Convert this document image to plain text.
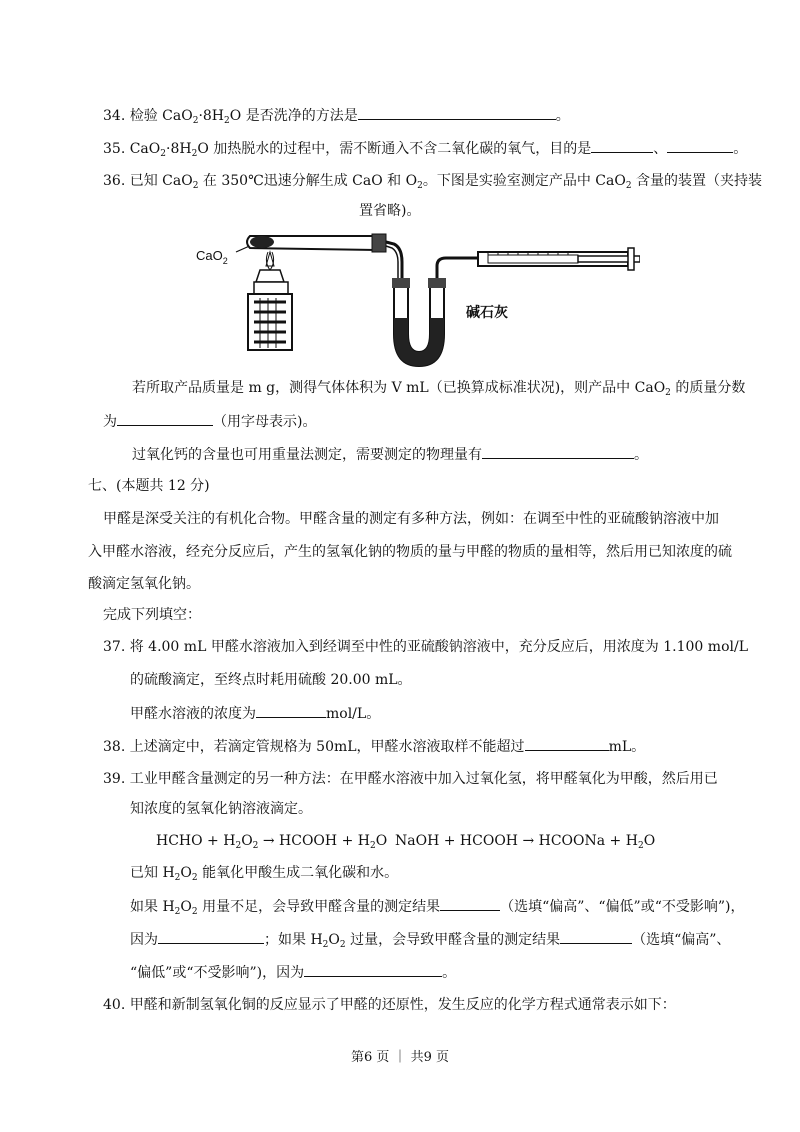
34. 检验 $CaO_2\cdot 8H_2O$ 是否洗净的方法是	。
35. $CaO_2\cdot 8H_2O$ 加热脱水的过程中，需不断通入不含二氧化碳的氧气，目的是	、	。
36. 已知 CaO$_2$ 在 350℃迅速分解生成 CaO 和 $O_2$。下图是实验室测定产品中 CaO$_2$ 含量的装置（夹持装
置省略)。
CaO$_2$
碱石灰
若所取产品质量是 m g，测得气体体积为 V mL（已换算成标准状况)，则产品中 CaO$_2$ 的质量分数
为	（用字母表示)。
过氧化钙的含量也可用重量法测定，需要测定的物理量有	。
七、(本题共 12 分)
甲醛是深受关注的有机化合物。甲醛含量的测定有多种方法，例如：在调至中性的亚硫酸钠溶液中加
入甲醛水溶液，经充分反应后，产生的氢氧化钠的物质的量与甲醛的物质的量相等，然后用已知浓度的硫
酸滴定氢氧化钠。
完成下列填空：
37. 将 4.00 mL 甲醛水溶液加入到经调至中性的亚硫酸钠溶液中，充分反应后，用浓度为 1.100 mol/L
的硫酸滴定，至终点时耗用硫酸 20.00 mL。
甲醛水溶液的浓度为	mol/L。
38. 上述滴定中，若滴定管规格为 50mL，甲醛水溶液取样不能超过	mL。
39. 工业甲醛含量测定的另一种方法：在甲醛水溶液中加入过氧化氢，将甲醛氧化为甲酸，然后用已
知浓度的氢氧化钠溶液滴定。
HCHO + $H_2O_2$ → HCOOH + $H_2O$ NaOH + HCOOH → HCOONa + $H_2O$
已知 $H_2O_2$ 能氧化甲酸生成二氧化碳和水。
如果 $H_2O_2$ 用量不足，会导致甲醛含量的测定结果	（选填“偏高”、“偏低”或“不受影响”)，
因为	；如果 $H_2O_2$ 过量，会导致甲醛含量的测定结果	（选填“偏高”、
“偏低”或“不受影响”)，因为	。
40. 甲醛和新制氢氧化铜的反应显示了甲醛的还原性，发生反应的化学方程式通常表示如下：
第6 页 ｜ 共9 页
